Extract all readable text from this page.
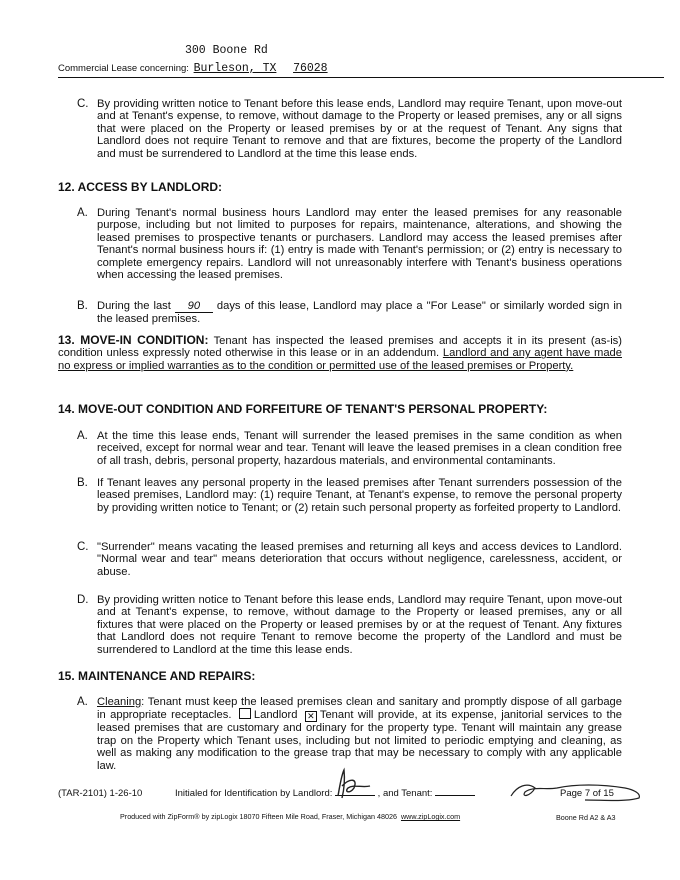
300 Boone Rd
Commercial Lease concerning: Burleson, TX 76028
C. By providing written notice to Tenant before this lease ends, Landlord may require Tenant, upon move-out and at Tenant's expense, to remove, without damage to the Property or leased premises, any or all signs that were placed on the Property or leased premises by or at the request of Tenant. Any signs that Landlord does not require Tenant to remove and that are fixtures, become the property of the Landlord and must be surrendered to Landlord at the time this lease ends.
12. ACCESS BY LANDLORD:
A. During Tenant's normal business hours Landlord may enter the leased premises for any reasonable purpose, including but not limited to purposes for repairs, maintenance, alterations, and showing the leased premises to prospective tenants or purchasers. Landlord may access the leased premises after Tenant's normal business hours if: (1) entry is made with Tenant's permission; or (2) entry is necessary to complete emergency repairs. Landlord will not unreasonably interfere with Tenant's business operations when accessing the leased premises.
B. During the last 90 days of this lease, Landlord may place a "For Lease" or similarly worded sign in the leased premises.
13. MOVE-IN CONDITION: Tenant has inspected the leased premises and accepts it in its present (as-is) condition unless expressly noted otherwise in this lease or in an addendum. Landlord and any agent have made no express or implied warranties as to the condition or permitted use of the leased premises or Property.
14. MOVE-OUT CONDITION AND FORFEITURE OF TENANT'S PERSONAL PROPERTY:
A. At the time this lease ends, Tenant will surrender the leased premises in the same condition as when received, except for normal wear and tear. Tenant will leave the leased premises in a clean condition free of all trash, debris, personal property, hazardous materials, and environmental contaminants.
B. If Tenant leaves any personal property in the leased premises after Tenant surrenders possession of the leased premises, Landlord may: (1) require Tenant, at Tenant's expense, to remove the personal property by providing written notice to Tenant; or (2) retain such personal property as forfeited property to Landlord.
C. "Surrender" means vacating the leased premises and returning all keys and access devices to Landlord. "Normal wear and tear" means deterioration that occurs without negligence, carelessness, accident, or abuse.
D. By providing written notice to Tenant before this lease ends, Landlord may require Tenant, upon move-out and at Tenant's expense, to remove, without damage to the Property or leased premises, any or all fixtures that were placed on the Property or leased premises by or at the request of Tenant. Any fixtures that Landlord does not require Tenant to remove become the property of the Landlord and must be surrendered to Landlord at the time this lease ends.
15. MAINTENANCE AND REPAIRS:
A. Cleaning: Tenant must keep the leased premises clean and sanitary and promptly dispose of all garbage in appropriate receptacles. Landlord ✕ Tenant will provide, at its expense, janitorial services to the leased premises that are customary and ordinary for the property type. Tenant will maintain any grease trap on the Property which Tenant uses, including but not limited to periodic emptying and cleaning, as well as making any modification to the grease trap that may be necessary to comply with any applicable law.
(TAR-2101) 1-26-10	Initialed for Identification by Landlord:	, and Tenant:	Page 7 of 15
Produced with ZipForm® by zipLogix 18070 Fifteen Mile Road, Fraser, Michigan 48026 www.zipLogix.com	Boone Rd A2 & A3
